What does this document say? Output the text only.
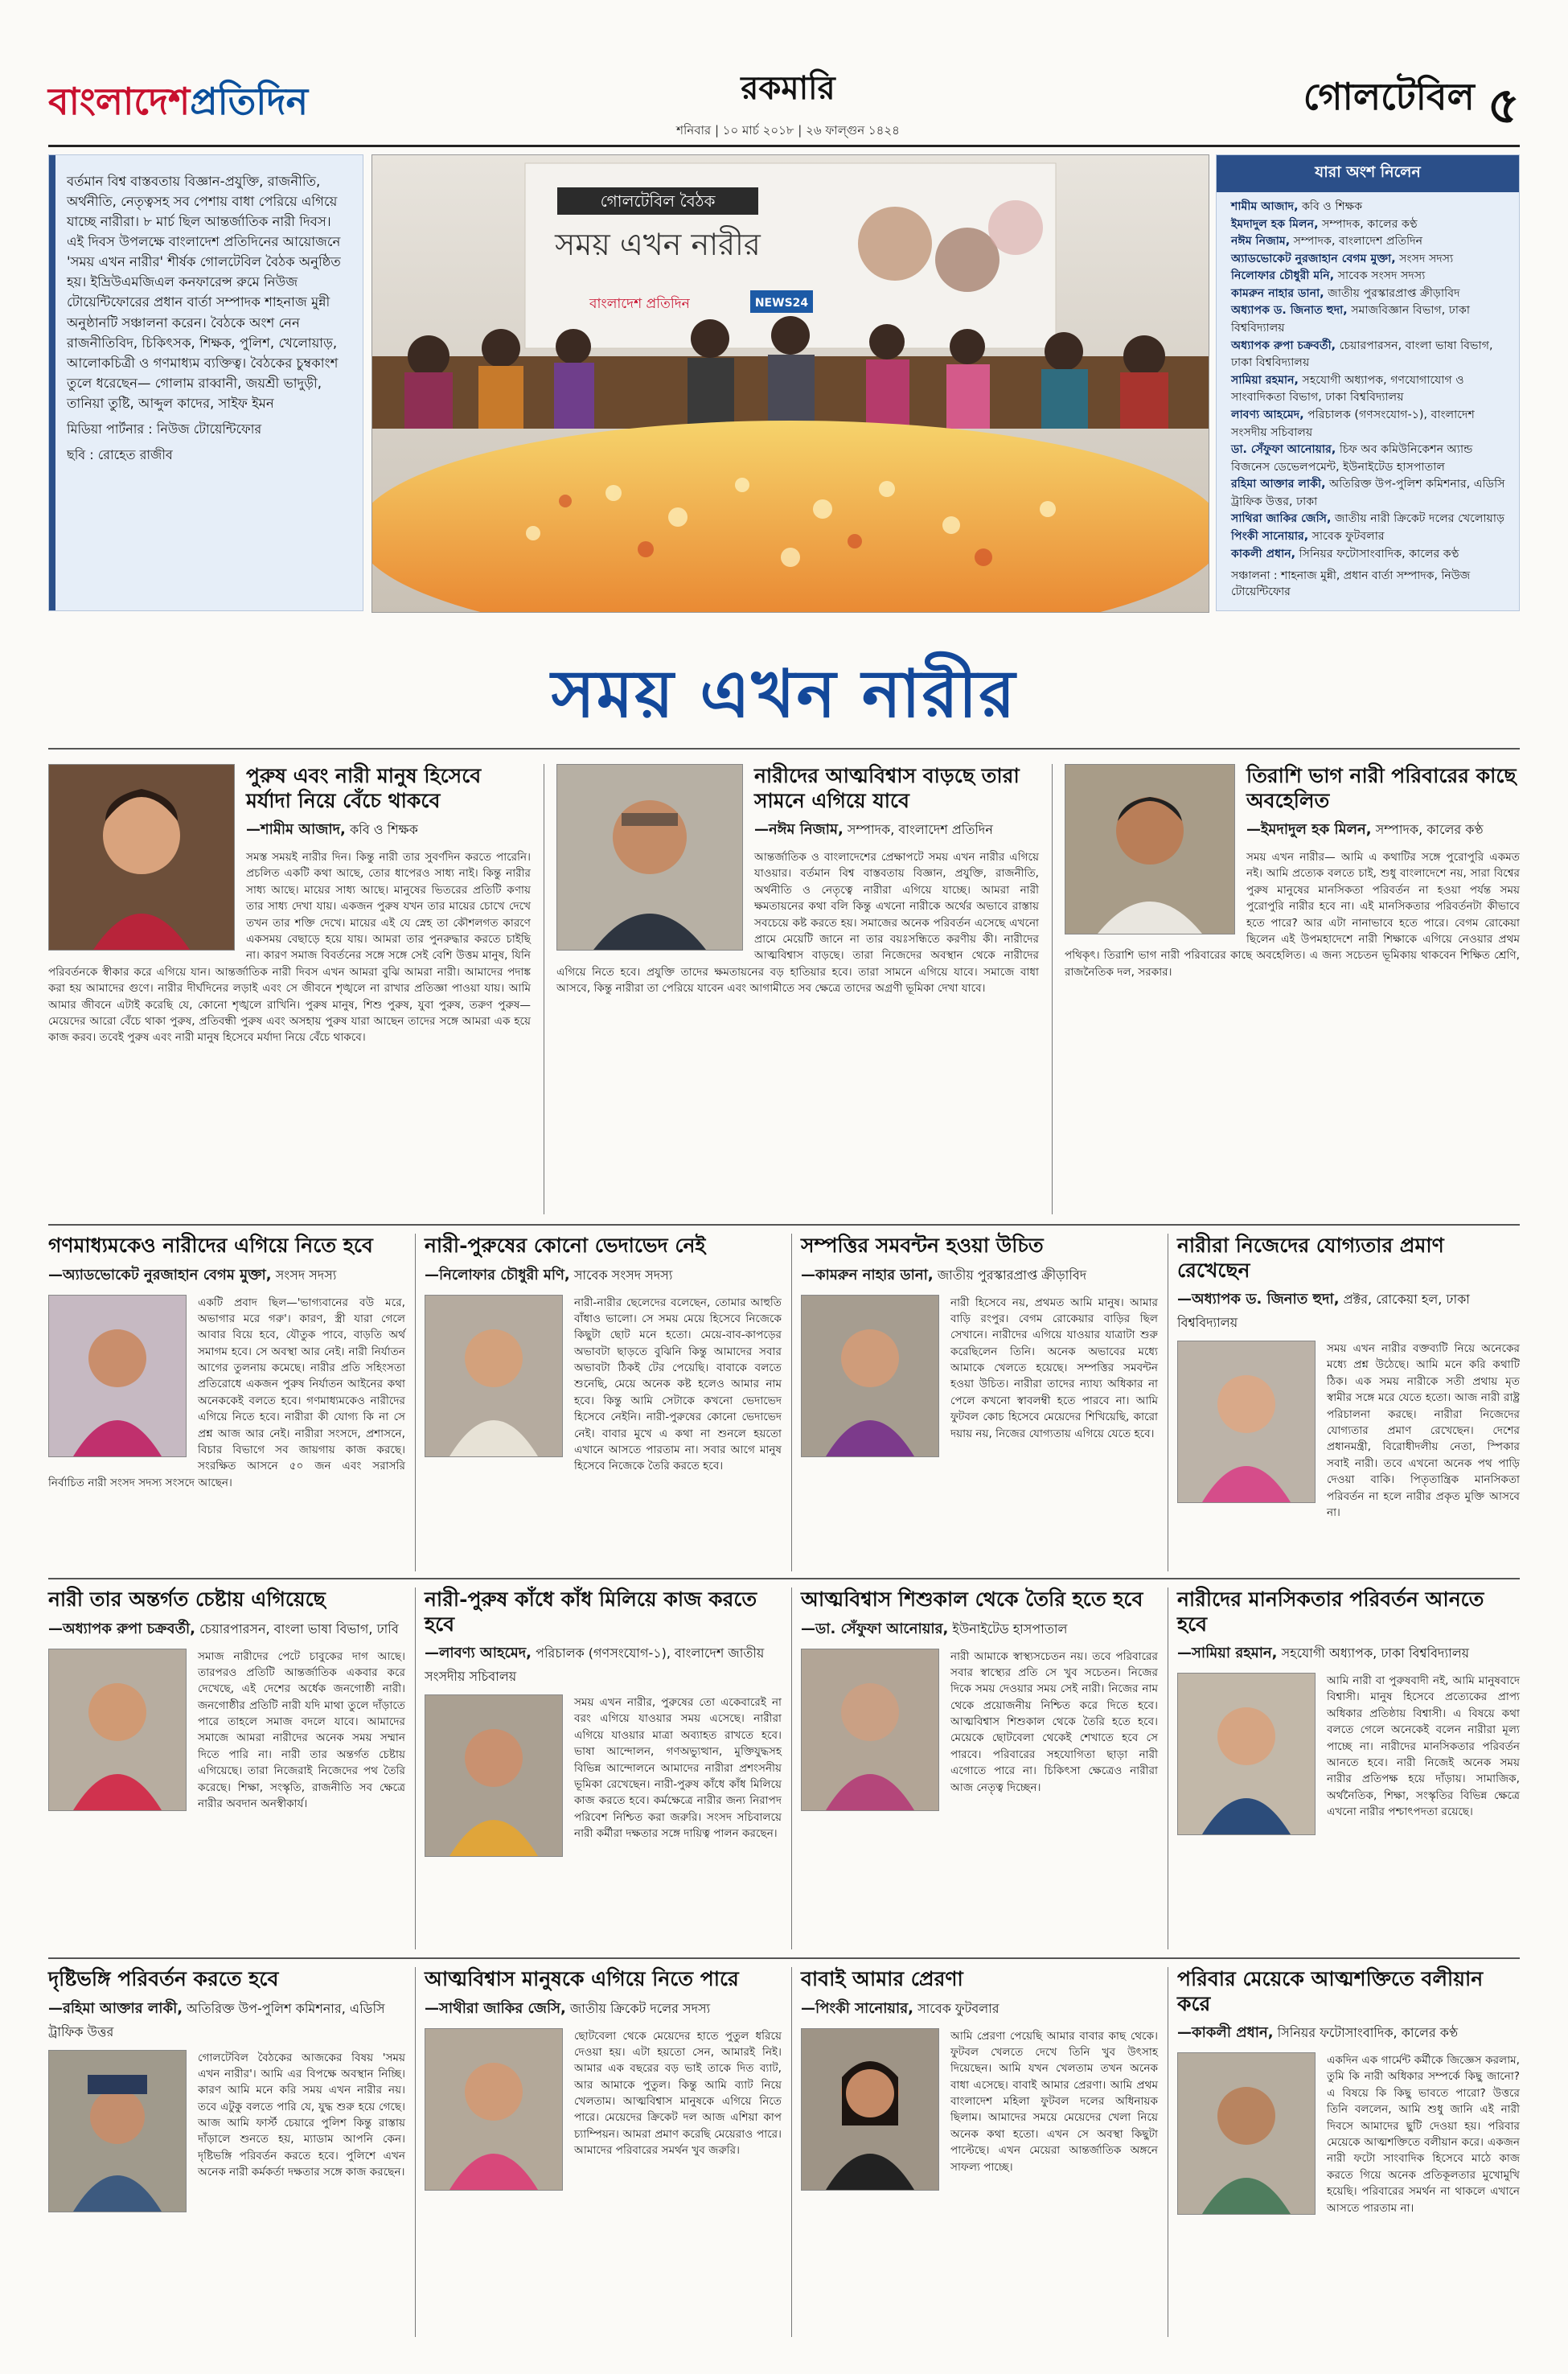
বাংলাদেশপ্রতিদিন	রকমারি
শনিবার | ১০ মার্চ ২০১৮ | ২৬ ফাল্গুন ১৪২৪
গোলটেবিল ৫
বর্তমান বিশ্ব বাস্তবতায় বিজ্ঞান-প্রযুক্তি, রাজনীতি, অর্থনীতি, নেতৃত্বসহ সব পেশায় বাধা পেরিয়ে এগিয়ে যাচ্ছে নারীরা। ৮ মার্চ ছিল আন্তর্জাতিক নারী দিবস। এই দিবস উপলক্ষে বাংলাদেশ প্রতিদিনের আয়োজনে 'সময় এখন নারীর' শীর্ষক গোলটেবিল বৈঠক অনুষ্ঠিত হয়। ইভ্রিউএমজিএল কনফারেন্স রুমে নিউজ টোয়েন্টিফোরের প্রধান বার্তা সম্পাদক শাহনাজ মুন্নী অনুষ্ঠানটি সঞ্চালনা করেন। বৈঠকে অংশ নেন রাজনীতিবিদ, চিকিৎসক, শিক্ষক, পুলিশ, খেলোয়াড়, আলোকচিত্রী ও গণমাধ্যম ব্যক্তিত্ব। বৈঠকের চুম্বকাংশ তুলে ধরেছেন— গোলাম রাব্বানী, জয়শ্রী ভাদুড়ী, তানিয়া তুষ্টি, আব্দুল কাদের, সাইফ ইমন
মিডিয়া পার্টনার : নিউজ টোয়েন্টিফোর
ছবি : রোহেত রাজীব
গোলটেবিল বৈঠক
সময় এখন নারীর
বাংলাদেশ প্রতিদিন	NEWS24
যারা অংশ নিলেন
শামীম আজাদ, কবি ও শিক্ষক
ইমদাদুল হক মিলন, সম্পাদক, কালের কণ্ঠ
নঈম নিজাম, সম্পাদক, বাংলাদেশ প্রতিদিন
অ্যাডভোকেট নুরজাহান বেগম মুক্তা, সংসদ সদস্য
নিলোফার চৌধুরী মনি, সাবেক সংসদ সদস্য
কামরুন নাহার ডানা, জাতীয় পুরস্কারপ্রাপ্ত ক্রীড়াবিদ
অধ্যাপক ড. জিনাত হুদা, সমাজবিজ্ঞান বিভাগ, ঢাকা বিশ্ববিদ্যালয়
অধ্যাপক রুপা চক্রবর্তী, চেয়ারপারসন, বাংলা ভাষা বিভাগ, ঢাকা বিশ্ববিদ্যালয়
সামিয়া রহমান, সহযোগী অধ্যাপক, গণযোগাযোগ ও সাংবাদিকতা বিভাগ, ঢাকা বিশ্ববিদ্যালয়
লাবণ্য আহমেদ, পরিচালক (গণসংযোগ-১), বাংলাদেশ সংসদীয় সচিবালয়
ডা. সেঁফুফা আনোয়ার, চিফ অব কমিউনিকেশন অ্যান্ড বিজনেস ডেভেলপমেন্ট, ইউনাইটেড হাসপাতাল
রহিমা আক্তার লাকী, অতিরিক্ত উপ-পুলিশ কমিশনার, এডিসি ট্রাফিক উত্তর, ঢাকা
সাথিরা জাকির জেসি, জাতীয় নারী ক্রিকেট দলের খেলোয়াড়
পিংকী সানোয়ার, সাবেক ফুটবলার
কাকলী প্রধান, সিনিয়র ফটোসাংবাদিক, কালের কণ্ঠ
সঞ্চালনা : শাহনাজ মুন্নী, প্রধান বার্তা সম্পাদক, নিউজ টোয়েন্টিফোর
সময় এখন নারীর
পুরুষ এবং নারী মানুষ হিসেবে মর্যাদা নিয়ে বেঁচে থাকবে
—শামীম আজাদ, কবি ও শিক্ষক
সমস্ত সময়ই নারীর দিন। কিন্তু নারী তার সুবর্ণদিন করতে পারেনি। প্রচলিত একটি কথা আছে, তোর ধাপেরও সাধ্য নাই। কিন্তু নারীর সাধ্য আছে। মায়ের সাধ্য আছে। মানুষের ভিতরের প্রতিটি কণায় তার সাধ্য দেখা যায়। একজন পুরুষ যখন তার মায়ের চোখে দেখে তখন তার শক্তি দেখে। মায়ের এই যে স্নেহ তা কৌশলগত কারণে একসময় বেছাড়ে হয়ে যায়। আমরা তার পুনরুদ্ধার করতে চাইছি না। কারণ সমাজ বিবর্তনের সঙ্গে সঙ্গে সেই বেশি উত্তম মানুষ, যিনি পরিবর্তনকে স্বীকার করে এগিয়ে যান। আন্তর্জাতিক নারী দিবস এখন আমরা বুঝি আমরা নারী। আমাদের পদাঙ্ক করা হয় আমাদের গুণে। নারীর দীর্ঘদিনের লড়াই এবং সে জীবনে শৃঙ্খলে না রাখার প্রতিজ্ঞা পাওয়া যায়। আমি আমার জীবনে এটাই করেছি যে, কোনো শৃঙ্খলে রাখিনি। পুরুষ মানুষ, শিশু পুরুষ, যুবা পুরুষ, তরুণ পুরুষ—মেয়েদের আরো বেঁচে থাকা পুরুষ, প্রতিবন্ধী পুরুষ এবং অসহায় পুরুষ যারা আছেন তাদের সঙ্গে আমরা এক হয়ে কাজ করব। তবেই পুরুষ এবং নারী মানুষ হিসেবে মর্যাদা নিয়ে বেঁচে থাকবে।
নারীদের আত্মবিশ্বাস বাড়ছে তারা সামনে এগিয়ে যাবে
—নঈম নিজাম, সম্পাদক, বাংলাদেশ প্রতিদিন
আন্তর্জাতিক ও বাংলাদেশের প্রেক্ষাপটে সময় এখন নারীর এগিয়ে যাওয়ার। বর্তমান বিশ্ব বাস্তবতায় বিজ্ঞান, প্রযুক্তি, রাজনীতি, অর্থনীতি ও নেতৃত্বে নারীরা এগিয়ে যাচ্ছে। আমরা নারী ক্ষমতায়নের কথা বলি কিন্তু এখনো নারীকে অর্থের অভাবে রাস্তায় সবচেয়ে কষ্ট করতে হয়। সমাজের অনেক পরিবর্তন এসেছে এখনো প্রামে মেয়েটি জানে না তার বয়ঃসন্ধিতে করণীয় কী। নারীদের আত্মবিশ্বাস বাড়ছে। তারা নিজেদের অবস্থান থেকে নারীদের এগিয়ে নিতে হবে। প্রযুক্তি তাদের ক্ষমতায়নের বড় হাতিয়ার হবে। তারা সামনে এগিয়ে যাবে। সমাজে বাধা আসবে, কিন্তু নারীরা তা পেরিয়ে যাবেন এবং আগামীতে সব ক্ষেত্রে তাদের অগ্রণী ভূমিকা দেখা যাবে।
তিরাশি ভাগ নারী পরিবারের কাছে অবহেলিত
—ইমদাদুল হক মিলন, সম্পাদক, কালের কণ্ঠ
সময় এখন নারীর— আমি এ কথাটির সঙ্গে পুরোপুরি একমত নই। আমি প্রত্যেক বলতে চাই, শুধু বাংলাদেশে নয়, সারা বিশ্বের পুরুষ মানুষের মানসিকতা পরিবর্তন না হওয়া পর্যন্ত সময় পুরোপুরি নারীর হবে না। এই মানসিকতার পরিবর্তনটা কীভাবে হতে পারে? আর এটা নানাভাবে হতে পারে। বেগম রোকেয়া ছিলেন এই উপমহাদেশে নারী শিক্ষাকে এগিয়ে নেওয়ার প্রথম পথিকৃৎ। তিরাশি ভাগ নারী পরিবারের কাছে অবহেলিত। এ জন্য সচেতন ভূমিকায় থাকবেন শিক্ষিত শ্রেণি, রাজনৈতিক দল, সরকার।
গণমাধ্যমকেও নারীদের এগিয়ে নিতে হবে
—অ্যাডভোকেট নুরজাহান বেগম মুক্তা, সংসদ সদস্য
একটি প্রবাদ ছিল—'ভাগ্যবানের বউ মরে, অভাগার মরে গরু'। কারণ, স্ত্রী যারা গেলে আবার বিয়ে হবে, যৌতুক পাবে, বাড়তি অর্থ সমাগম হবে। সে অবস্থা আর নেই। নারী নির্যাতন আগের তুলনায় কমেছে। নারীর প্রতি সহিংসতা প্রতিরোধে একজন পুরুষ নির্যাতন আইনের কথা অনেককেই বলতে হবে। গণমাধ্যমকেও নারীদের এগিয়ে নিতে হবে। নারীরা কী যোগ্য কি না সে প্রশ্ন আজ আর নেই। নারীরা সংসদে, প্রশাসনে, বিচার বিভাগে সব জায়গায় কাজ করছে। সংরক্ষিত আসনে ৫০ জন এবং সরাসরি নির্বাচিত নারী সংসদ সদস্য সংসদে আছেন।
নারী-পুরুষের কোনো ভেদাভেদ নেই
—নিলোফার চৌধুরী মণি, সাবেক সংসদ সদস্য
নারী-নারীর ছেলেদের বলেছেন, তোমার আহুতি বাঁধাও ভালো। সে সময় মেয়ে হিসেবে নিজেকে কিছুটা ছোট মনে হতো। মেয়ে-বাব-কাপড়ের অভাবটা ছাড়তে বুঝিনি কিন্তু আমাদের সবার অভাবটা ঠিকই টের পেয়েছি। বাবাকে বলতে শুনেছি, মেয়ে অনেক কষ্ট হলেও আমার নাম হবে। কিন্তু আমি সেটাকে কখনো ভেদাভেদ হিসেবে নেইনি। নারী-পুরুষের কোনো ভেদাভেদ নেই। বাবার মুখে এ কথা না শুনলে হয়তো এখানে আসতে পারতাম না। সবার আগে মানুষ হিসেবে নিজেকে তৈরি করতে হবে।
সম্পত্তির সমবন্টন হওয়া উচিত
—কামরুন নাহার ডানা, জাতীয় পুরস্কারপ্রাপ্ত ক্রীড়াবিদ
নারী হিসেবে নয়, প্রথমত আমি মানুষ। আমার বাড়ি রংপুর। বেগম রোকেয়ার বাড়ির ছিল সেখানে। নারীদের এগিয়ে যাওয়ার যাত্রাটা শুরু করেছিলেন তিনি। অনেক অভাবের মধ্যে আমাকে খেলতে হয়েছে। সম্পত্তির সমবন্টন হওয়া উচিত। নারীরা তাদের ন্যায্য অধিকার না পেলে কখনো স্বাবলম্বী হতে পারবে না। আমি ফুটবল কোচ হিসেবে মেয়েদের শিখিয়েছি, কারো দয়ায় নয়, নিজের যোগ্যতায় এগিয়ে যেতে হবে।
নারীরা নিজেদের যোগ্যতার প্রমাণ রেখেছেন
—অধ্যাপক ড. জিনাত হুদা, প্রক্টর, রোকেয়া হল, ঢাকা বিশ্ববিদ্যালয়
সময় এখন নারীর বক্তব্যটি নিয়ে অনেকের মধ্যে প্রশ্ন উঠেছে। আমি মনে করি কথাটি ঠিক। এক সময় নারীকে সতী প্রথায় মৃত স্বামীর সঙ্গে মরে যেতে হতো। আজ নারী রাষ্ট্র পরিচালনা করছে। নারীরা নিজেদের যোগ্যতার প্রমাণ রেখেছেন। দেশের প্রধানমন্ত্রী, বিরোধীদলীয় নেতা, স্পিকার সবাই নারী। তবে এখনো অনেক পথ পাড়ি দেওয়া বাকি। পিতৃতান্ত্রিক মানসিকতা পরিবর্তন না হলে নারীর প্রকৃত মুক্তি আসবে না।
নারী তার অন্তর্গত চেষ্টায় এগিয়েছে
—অধ্যাপক রুপা চক্রবর্তী, চেয়ারপারসন, বাংলা ভাষা বিভাগ, ঢাবি
সমাজ নারীদের পেটে চাবুকের দাগ আছে। তারপরও প্রতিটি আন্তর্জাতিক একবার করে দেখেছে, এই দেশের অর্ধেক জনগোষ্ঠী নারী। জনগোষ্ঠীর প্রতিটি নারী যদি মাথা তুলে দাঁড়াতে পারে তাহলে সমাজ বদলে যাবে। আমাদের সমাজে আমরা নারীদের অনেক সময় সম্মান দিতে পারি না। নারী তার অন্তর্গত চেষ্টায় এগিয়েছে। তারা নিজেরাই নিজেদের পথ তৈরি করেছে। শিক্ষা, সংস্কৃতি, রাজনীতি সব ক্ষেত্রে নারীর অবদান অনস্বীকার্য।
নারী-পুরুষ কাঁধে কাঁধ মিলিয়ে কাজ করতে হবে
—লাবণ্য আহমেদ, পরিচালক (গণসংযোগ-১), বাংলাদেশ জাতীয় সংসদীয় সচিবালয়
সময় এখন নারীর, পুরুষের তো একেবারেই না বরং এগিয়ে যাওয়ার সময় এসেছে। নারীরা এগিয়ে যাওয়ার মাত্রা অব্যাহত রাখতে হবে। ভাষা আন্দোলন, গণঅভ্যুত্থান, মুক্তিযুদ্ধসহ বিভিন্ন আন্দোলনে আমাদের নারীরা প্রশংসনীয় ভূমিকা রেখেছেন। নারী-পুরুষ কাঁধে কাঁধ মিলিয়ে কাজ করতে হবে। কর্মক্ষেত্রে নারীর জন্য নিরাপদ পরিবেশ নিশ্চিত করা জরুরি। সংসদ সচিবালয়ে নারী কর্মীরা দক্ষতার সঙ্গে দায়িত্ব পালন করছেন।
আত্মবিশ্বাস শিশুকাল থেকে তৈরি হতে হবে
—ডা. সেঁফুফা আনোয়ার, ইউনাইটেড হাসপাতাল
নারী আমাকে স্বাস্থ্যসচেতন নয়। তবে পরিবারের সবার স্বাস্থ্যের প্রতি সে খুব সচেতন। নিজের দিকে সময় দেওয়ার সময় সেই নারী। নিজের নাম থেকে প্রয়োজনীয় নিশ্চিত করে দিতে হবে। আত্মবিশ্বাস শিশুকাল থেকে তৈরি হতে হবে। মেয়েকে ছোটবেলা থেকেই শেখাতে হবে সে পারবে। পরিবারের সহযোগিতা ছাড়া নারী এগোতে পারে না। চিকিৎসা ক্ষেত্রেও নারীরা আজ নেতৃত্ব দিচ্ছেন।
নারীদের মানসিকতার পরিবর্তন আনতে হবে
—সামিয়া রহমান, সহযোগী অধ্যাপক, ঢাকা বিশ্ববিদ্যালয়
আমি নারী বা পুরুষবাদী নই, আমি মানুষবাদে বিশ্বাসী। মানুষ হিসেবে প্রত্যেকের প্রাপ্য অধিকার প্রতিষ্ঠায় বিশ্বাসী। এ বিষয়ে কথা বলতে গেলে অনেকেই বলেন নারীরা মূল্য পাচ্ছে না। নারীদের মানসিকতার পরিবর্তন আনতে হবে। নারী নিজেই অনেক সময় নারীর প্রতিপক্ষ হয়ে দাঁড়ায়। সামাজিক, অর্থনৈতিক, শিক্ষা, সংস্কৃতির বিভিন্ন ক্ষেত্রে এখনো নারীর পশ্চাৎপদতা রয়েছে।
দৃষ্টিভঙ্গি পরিবর্তন করতে হবে
—রহিমা আক্তার লাকী, অতিরিক্ত উপ-পুলিশ কমিশনার, এডিসি ট্রাফিক উত্তর
গোলটেবিল বৈঠকের আজকের বিষয় 'সময় এখন নারীর'। আমি এর বিপক্ষে অবস্থান নিচ্ছি। কারণ আমি মনে করি সময় এখন নারীর নয়। তবে এটুকু বলতে পারি যে, যুদ্ধ শুরু হয়ে গেছে। আজ আমি ফার্স্ট চেয়ারে পুলিশ কিন্তু রাস্তায় দাঁড়ালে শুনতে হয়, ম্যাডাম আপনি কেন। দৃষ্টিভঙ্গি পরিবর্তন করতে হবে। পুলিশে এখন অনেক নারী কর্মকর্তা দক্ষতার সঙ্গে কাজ করছেন।
আত্মবিশ্বাস মানুষকে এগিয়ে নিতে পারে
—সাথীরা জাকির জেসি, জাতীয় ক্রিকেট দলের সদস্য
ছোটবেলা থেকে মেয়েদের হাতে পুতুল ধরিয়ে দেওয়া হয়। এটা হয়তো সেন, আমারই নিই। আমার এক বছরের বড় ভাই তাকে দিত ব্যাট, আর আমাকে পুতুল। কিন্তু আমি ব্যাট নিয়ে খেলতাম। আত্মবিশ্বাস মানুষকে এগিয়ে নিতে পারে। মেয়েদের ক্রিকেট দল আজ এশিয়া কাপ চ্যাম্পিয়ন। আমরা প্রমাণ করেছি মেয়েরাও পারে। আমাদের পরিবারের সমর্থন খুব জরুরি।
বাবাই আমার প্রেরণা
—পিংকী সানোয়ার, সাবেক ফুটবলার
আমি প্রেরণা পেয়েছি আমার বাবার কাছ থেকে। ফুটবল খেলতে দেখে তিনি খুব উৎসাহ দিয়েছেন। আমি যখন খেলতাম তখন অনেক বাধা এসেছে। বাবাই আমার প্রেরণা। আমি প্রথম বাংলাদেশ মহিলা ফুটবল দলের অধিনায়ক ছিলাম। আমাদের সময়ে মেয়েদের খেলা নিয়ে অনেক কথা হতো। এখন সে অবস্থা কিছুটা পাল্টেছে। এখন মেয়েরা আন্তর্জাতিক অঙ্গনে সাফল্য পাচ্ছে।
পরিবার মেয়েকে আত্মশক্তিতে বলীয়ান করে
—কাকলী প্রধান, সিনিয়র ফটোসাংবাদিক, কালের কণ্ঠ
একদিন এক গার্মেন্ট কর্মীকে জিজ্ঞেস করলাম, তুমি কি নারী অধিকার সম্পর্কে কিছু জানো? এ বিষয়ে কি কিছু ভাবতে পারো? উত্তরে তিনি বললেন, আমি শুধু জানি এই নারী দিবসে আমাদের ছুটি দেওয়া হয়। পরিবার মেয়েকে আত্মশক্তিতে বলীয়ান করে। একজন নারী ফটো সাংবাদিক হিসেবে মাঠে কাজ করতে গিয়ে অনেক প্রতিকূলতার মুখোমুখি হয়েছি। পরিবারের সমর্থন না থাকলে এখানে আসতে পারতাম না।
